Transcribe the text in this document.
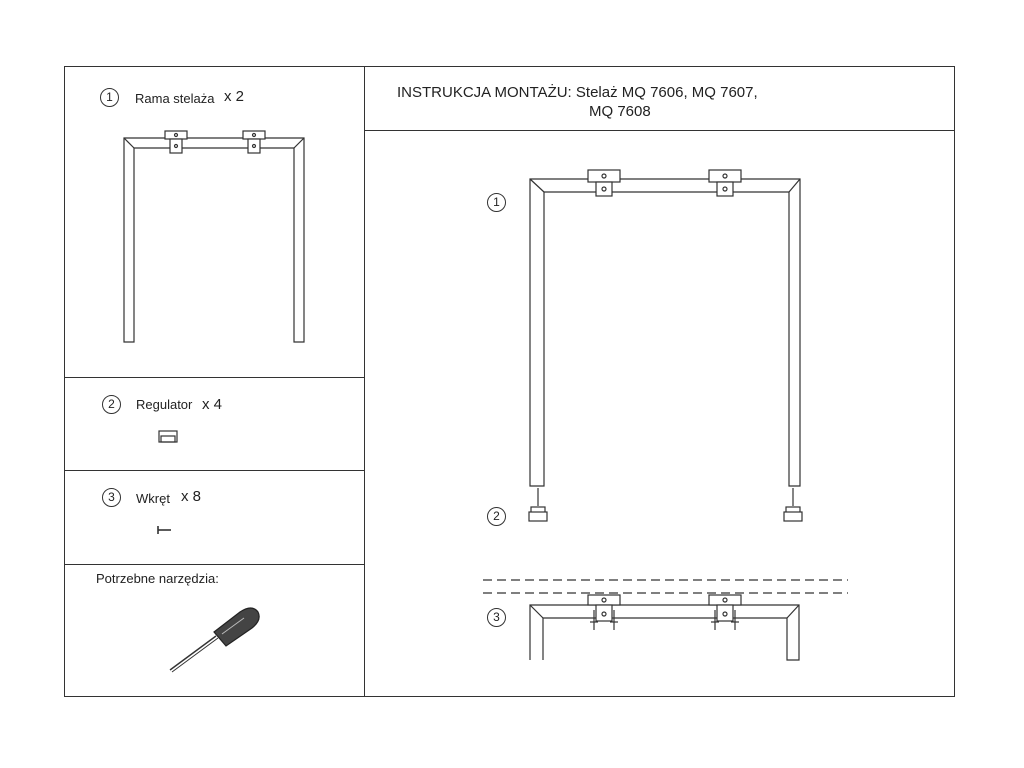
1	Rama stelaża x 2
2	Regulator x 4
3	Wkręt x 8
Potrzebne narzędzia:
INSTRUKCJA MONTAŻU: Stelaż MQ 7606, MQ 7607,
MQ 7608
1
2
3
